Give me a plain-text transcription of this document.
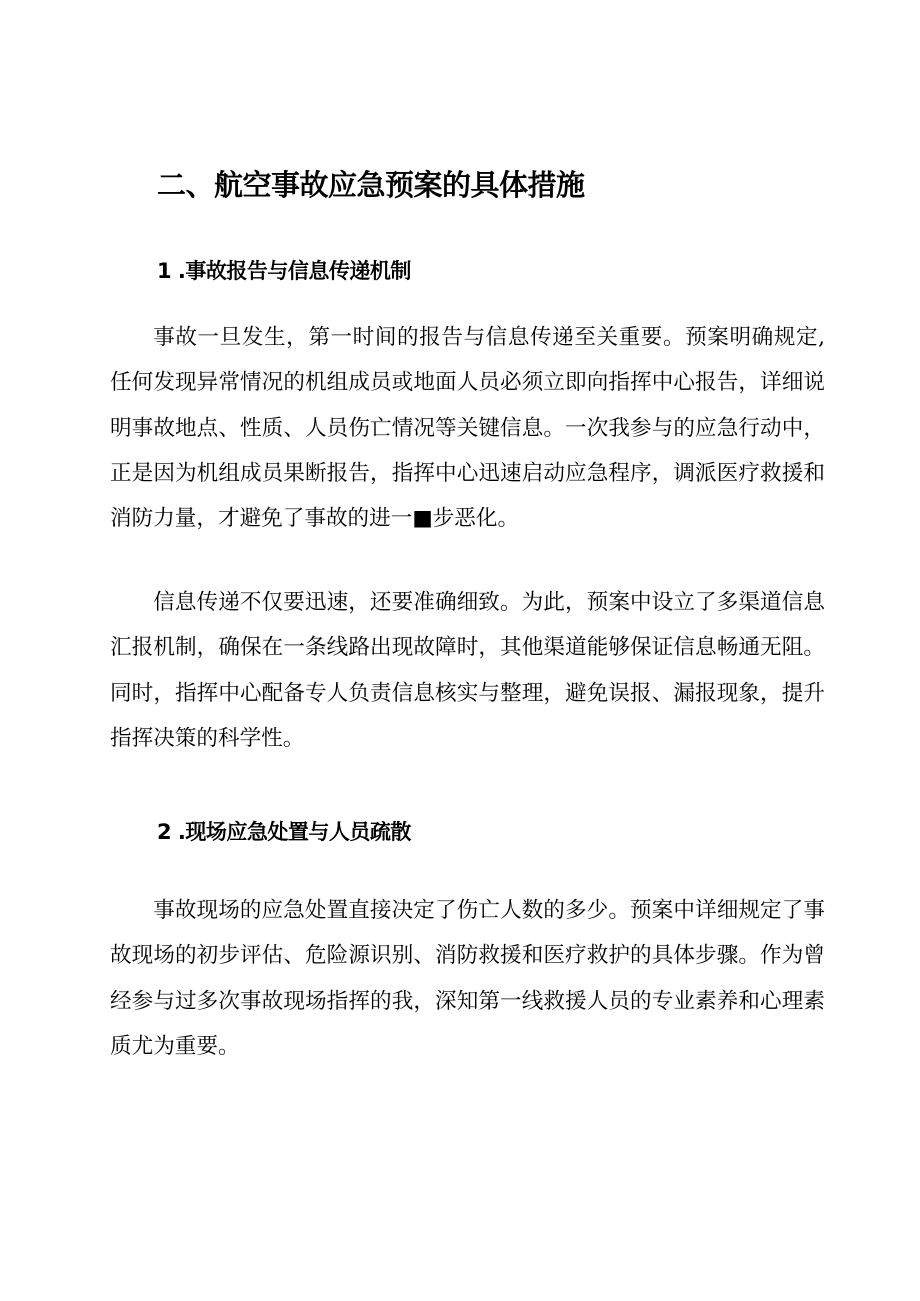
二、航空事故应急预案的具体措施
1 .事故报告与信息传递机制

事故一旦发生，第一时间的报告与信息传递至关重要。预案明确规定,任何发现异常情况的机组成员或地面人员必须立即向指挥中心报告，详细说明事故地点、性质、人员伤亡情况等关键信息。一次我参与的应急行动中，正是因为机组成员果断报告，指挥中心迅速启动应急程序，调派医疗救援和消防力量，才避免了事故的进一■步恶化。

信息传递不仅要迅速，还要准确细致。为此，预案中设立了多渠道信息汇报机制，确保在一条线路出现故障时，其他渠道能够保证信息畅通无阻。同时，指挥中心配备专人负责信息核实与整理，避免误报、漏报现象，提升指挥决策的科学性。

2 .现场应急处置与人员疏散

事故现场的应急处置直接决定了伤亡人数的多少。预案中详细规定了事故现场的初步评估、危险源识别、消防救援和医疗救护的具体步骤。作为曾经参与过多次事故现场指挥的我，深知第一线救援人员的专业素养和心理素质尤为重要。
